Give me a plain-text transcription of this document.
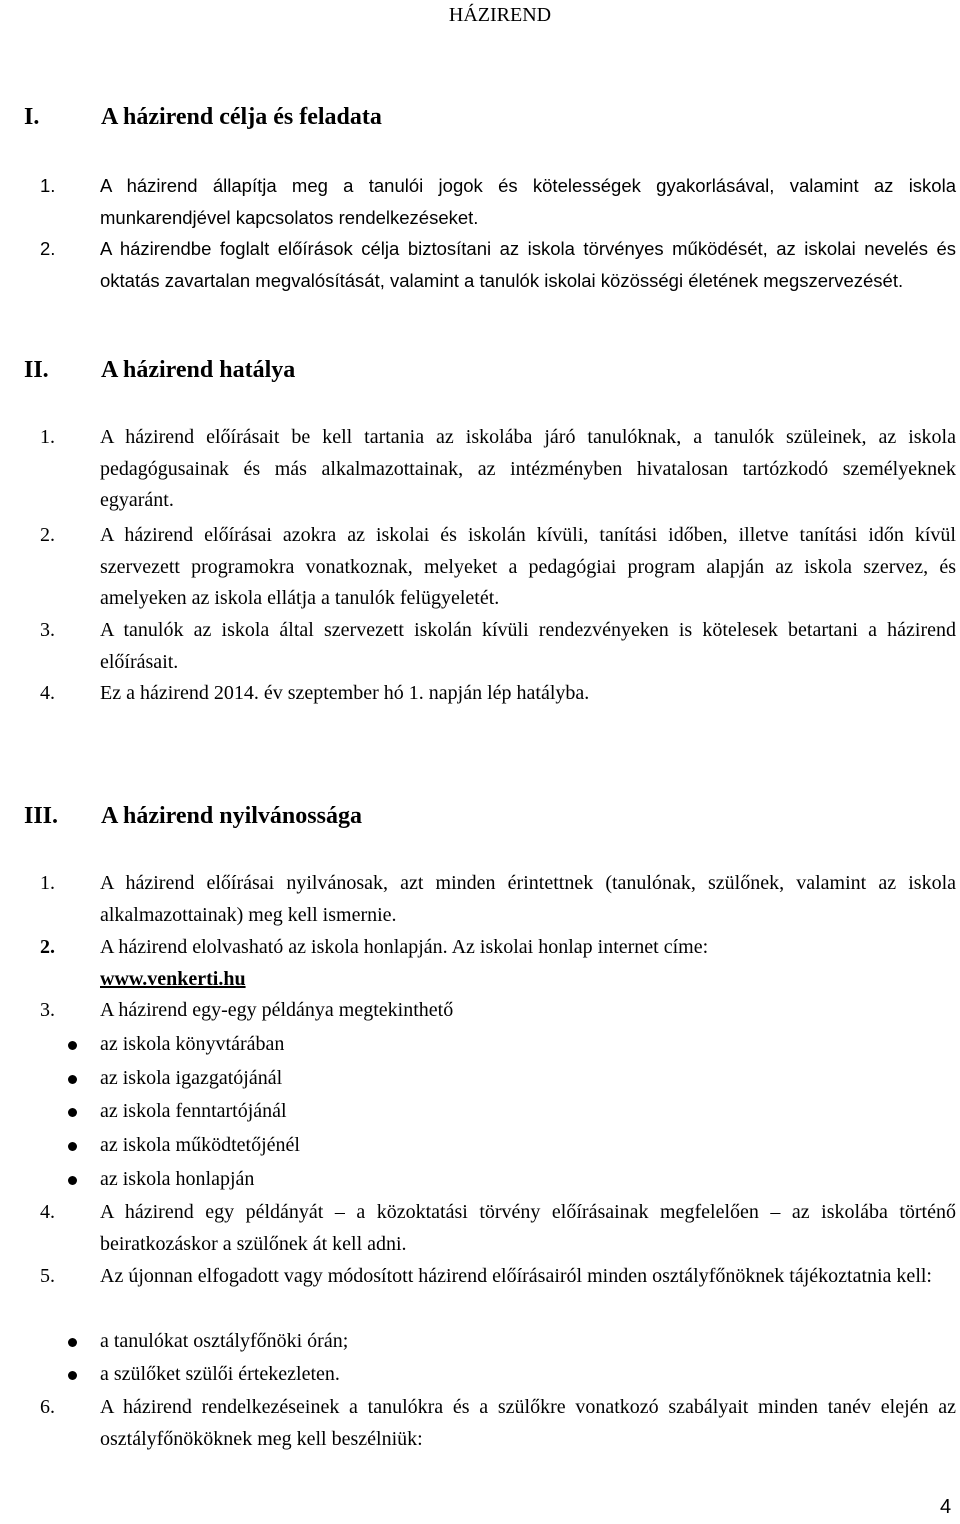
HÁZIREND
I.	A házirend célja és feladata
1. A házirend állapítja meg a tanulói jogok és kötelességek gyakorlásával, valamint az iskola munkarendjével kapcsolatos rendelkezéseket.
2. A házirendbe foglalt előírások célja biztosítani az iskola törvényes működését, az iskolai nevelés és oktatás zavartalan megvalósítását, valamint a tanulók iskolai közösségi életének megszervezését.
II. A házirend hatálya
1. A házirend előírásait be kell tartania az iskolába járó tanulóknak, a tanulók szüleinek, az iskola pedagógusainak és más alkalmazottainak, az intézményben hivatalosan tartózkodó személyeknek egyaránt.
2. A házirend előírásai azokra az iskolai és iskolán kívüli, tanítási időben, illetve tanítási időn kívül szervezett programokra vonatkoznak, melyeket a pedagógiai program alapján az iskola szervez, és amelyeken az iskola ellátja a tanulók felügyeletét.
3. A tanulók az iskola által szervezett iskolán kívüli rendezvényeken is kötelesek betartani a házirend előírásait.
4. Ez a házirend 2014. év szeptember hó 1. napján lép hatályba.
III. A házirend nyilvánossága
1. A házirend előírásai nyilvánosak, azt minden érintettnek (tanulónak, szülőnek, valamint az iskola alkalmazottainak) meg kell ismernie.
2. A házirend elolvasható az iskola honlapján. Az iskolai honlap internet címe:
www.venkerti.hu
3. A házirend egy-egy példánya megtekinthető
az iskola könyvtárában
az iskola igazgatójánál
az iskola fenntartójánál
az iskola működtetőjénél
az iskola honlapján
4. A házirend egy példányát – a közoktatási törvény előírásainak megfelelően – az iskolába történő beiratkozáskor a szülőnek át kell adni.
5. Az újonnan elfogadott vagy módosított házirend előírásairól minden osztályfőnöknek tájékoztatnia kell:
a tanulókat osztályfőnöki órán;
a szülőket szülői értekezleten.
6. A házirend rendelkezéseinek a tanulókra és a szülőkre vonatkozó szabályait minden tanév elején az osztályfőnököknek meg kell beszélniük:
4
